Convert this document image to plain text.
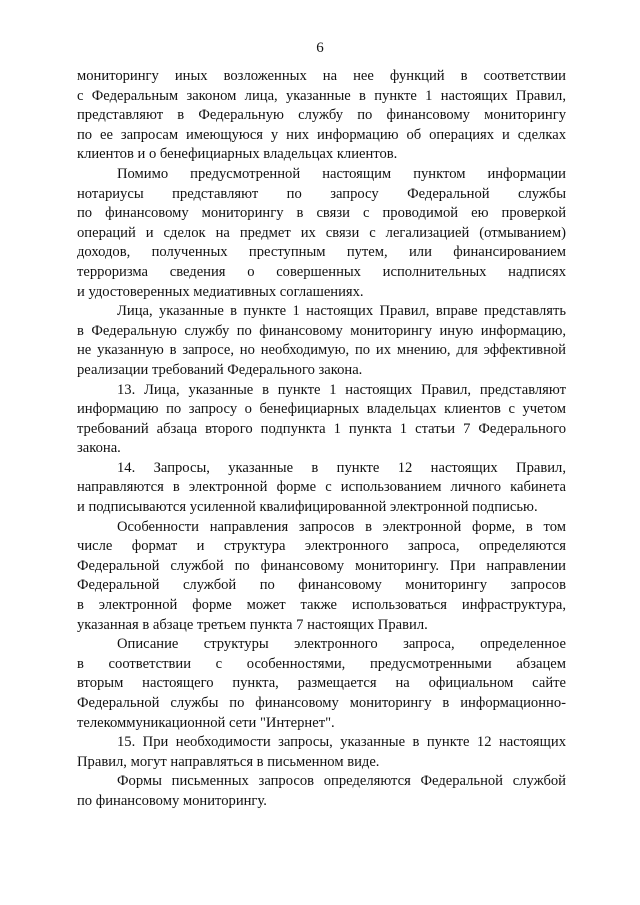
6
мониторингу иных возложенных на нее функций в соответствии
с Федеральным законом лица, указанные в пункте 1 настоящих Правил,
представляют в Федеральную службу по финансовому мониторингу
по ее запросам имеющуюся у них информацию об операциях и сделках
клиентов и о бенефициарных владельцах клиентов.
Помимо предусмотренной настоящим пунктом информации
нотариусы представляют по запросу Федеральной службы
по финансовому мониторингу в связи с проводимой ею проверкой
операций и сделок на предмет их связи с легализацией (отмыванием)
доходов, полученных преступным путем, или финансированием
терроризма сведения о совершенных исполнительных надписях
и удостоверенных медиативных соглашениях.
Лица, указанные в пункте 1 настоящих Правил, вправе представлять
в Федеральную службу по финансовому мониторингу иную информацию,
не указанную в запросе, но необходимую, по их мнению, для эффективной
реализации требований Федерального закона.
13. Лица, указанные в пункте 1 настоящих Правил, представляют
информацию по запросу о бенефициарных владельцах клиентов с учетом
требований абзаца второго подпункта 1 пункта 1 статьи 7 Федерального
закона.
14. Запросы, указанные в пункте 12 настоящих Правил,
направляются в электронной форме с использованием личного кабинета
и подписываются усиленной квалифицированной электронной подписью.
Особенности направления запросов в электронной форме, в том
числе формат и структура электронного запроса, определяются
Федеральной службой по финансовому мониторингу. При направлении
Федеральной службой по финансовому мониторингу запросов
в электронной форме может также использоваться инфраструктура,
указанная в абзаце третьем пункта 7 настоящих Правил.
Описание структуры электронного запроса, определенное
в соответствии с особенностями, предусмотренными абзацем
вторым настоящего пункта, размещается на официальном сайте
Федеральной службы по финансовому мониторингу в информационно-
телекоммуникационной сети "Интернет".
15. При необходимости запросы, указанные в пункте 12 настоящих
Правил, могут направляться в письменном виде.
Формы письменных запросов определяются Федеральной службой
по финансовому мониторингу.
